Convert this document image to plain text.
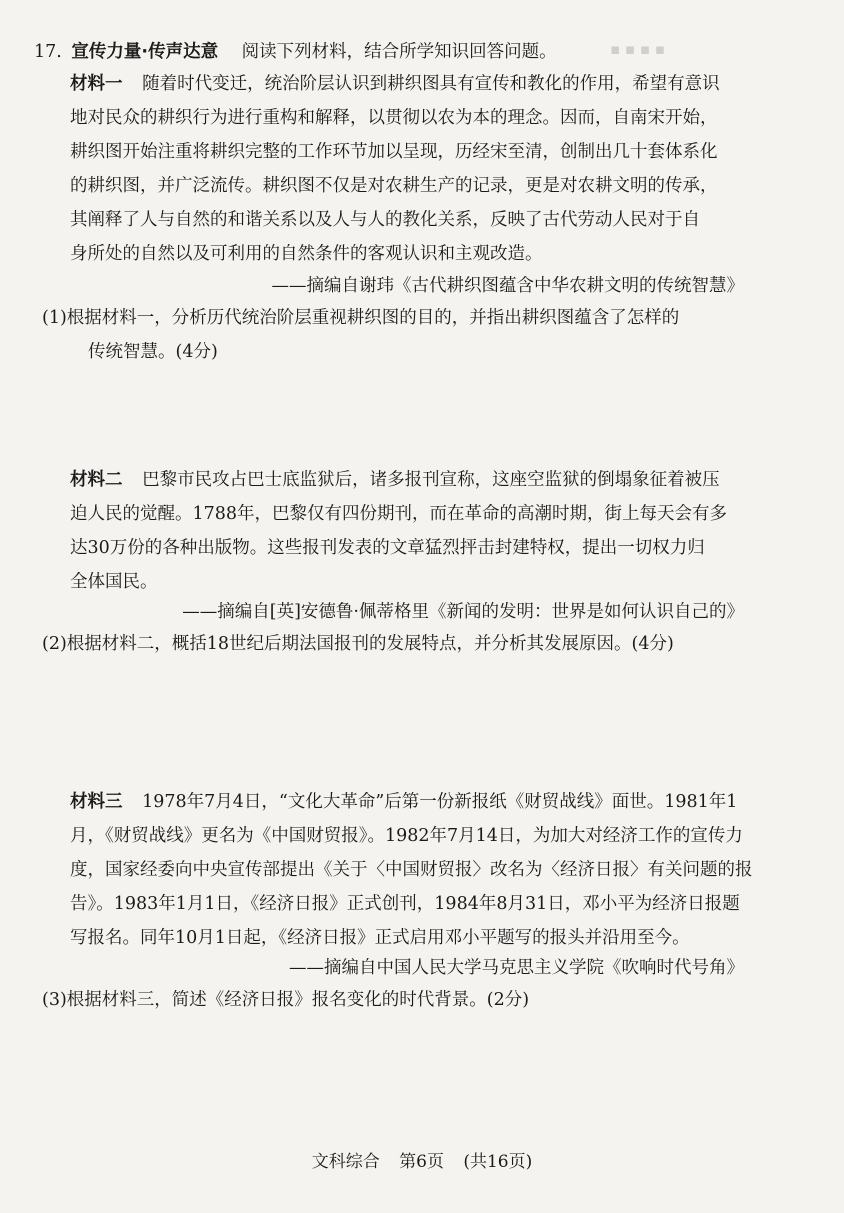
▪ ▪ ▪ ▪
17. 宣传力量·传声达意 阅读下列材料，结合所学知识回答问题。
材料一 随着时代变迁，统治阶层认识到耕织图具有宣传和教化的作用，希望有意识
地对民众的耕织行为进行重构和解释，以贯彻以农为本的理念。因而，自南宋开始，
耕织图开始注重将耕织完整的工作环节加以呈现，历经宋至清，创制出几十套体系化
的耕织图，并广泛流传。耕织图不仅是对农耕生产的记录，更是对农耕文明的传承，
其阐释了人与自然的和谐关系以及人与人的教化关系，反映了古代劳动人民对于自
身所处的自然以及可利用的自然条件的客观认识和主观改造。
——摘编自谢玮《古代耕织图蕴含中华农耕文明的传统智慧》
(1)根据材料一，分析历代统治阶层重视耕织图的目的，并指出耕织图蕴含了怎样的
传统智慧。(4分)
材料二 巴黎市民攻占巴士底监狱后，诸多报刊宣称，这座空监狱的倒塌象征着被压
迫人民的觉醒。1788年，巴黎仅有四份期刊，而在革命的高潮时期，街上每天会有多
达30万份的各种出版物。这些报刊发表的文章猛烈抨击封建特权，提出一切权力归
全体国民。
——摘编自[英]安德鲁·佩蒂格里《新闻的发明：世界是如何认识自己的》
(2)根据材料二，概括18世纪后期法国报刊的发展特点，并分析其发展原因。(4分)
材料三 1978年7月4日，“文化大革命”后第一份新报纸《财贸战线》面世。1981年1
月，《财贸战线》更名为《中国财贸报》。1982年7月14日，为加大对经济工作的宣传力
度，国家经委向中央宣传部提出《关于〈中国财贸报〉改名为〈经济日报〉有关问题的报
告》。1983年1月1日，《经济日报》正式创刊，1984年8月31日，邓小平为经济日报题
写报名。同年10月1日起，《经济日报》正式启用邓小平题写的报头并沿用至今。
——摘编自中国人民大学马克思主义学院《吹响时代号角》
(3)根据材料三，简述《经济日报》报名变化的时代背景。(2分)
文科综合 第6页 (共16页)
